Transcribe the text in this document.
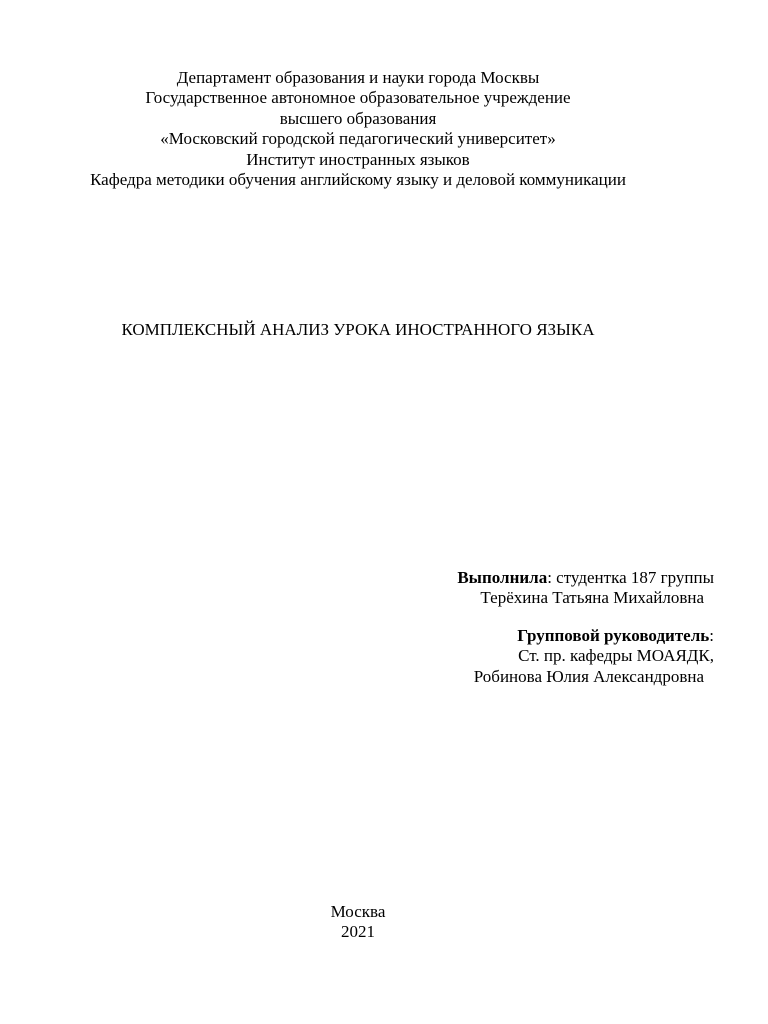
Департамент образования и науки города Москвы
Государственное автономное образовательное учреждение
высшего образования
«Московский городской педагогический университет»
Институт иностранных языков
Кафедра методики обучения английскому языку и деловой коммуникации
КОМПЛЕКСНЫЙ АНАЛИЗ УРОКА ИНОСТРАННОГО ЯЗЫКА
Выполнила: студентка 187 группы
Терёхина Татьяна Михайловна
Групповой руководитель:
Ст. пр. кафедры МОАЯДК,
Робинова Юлия Александровна
Москва
2021
